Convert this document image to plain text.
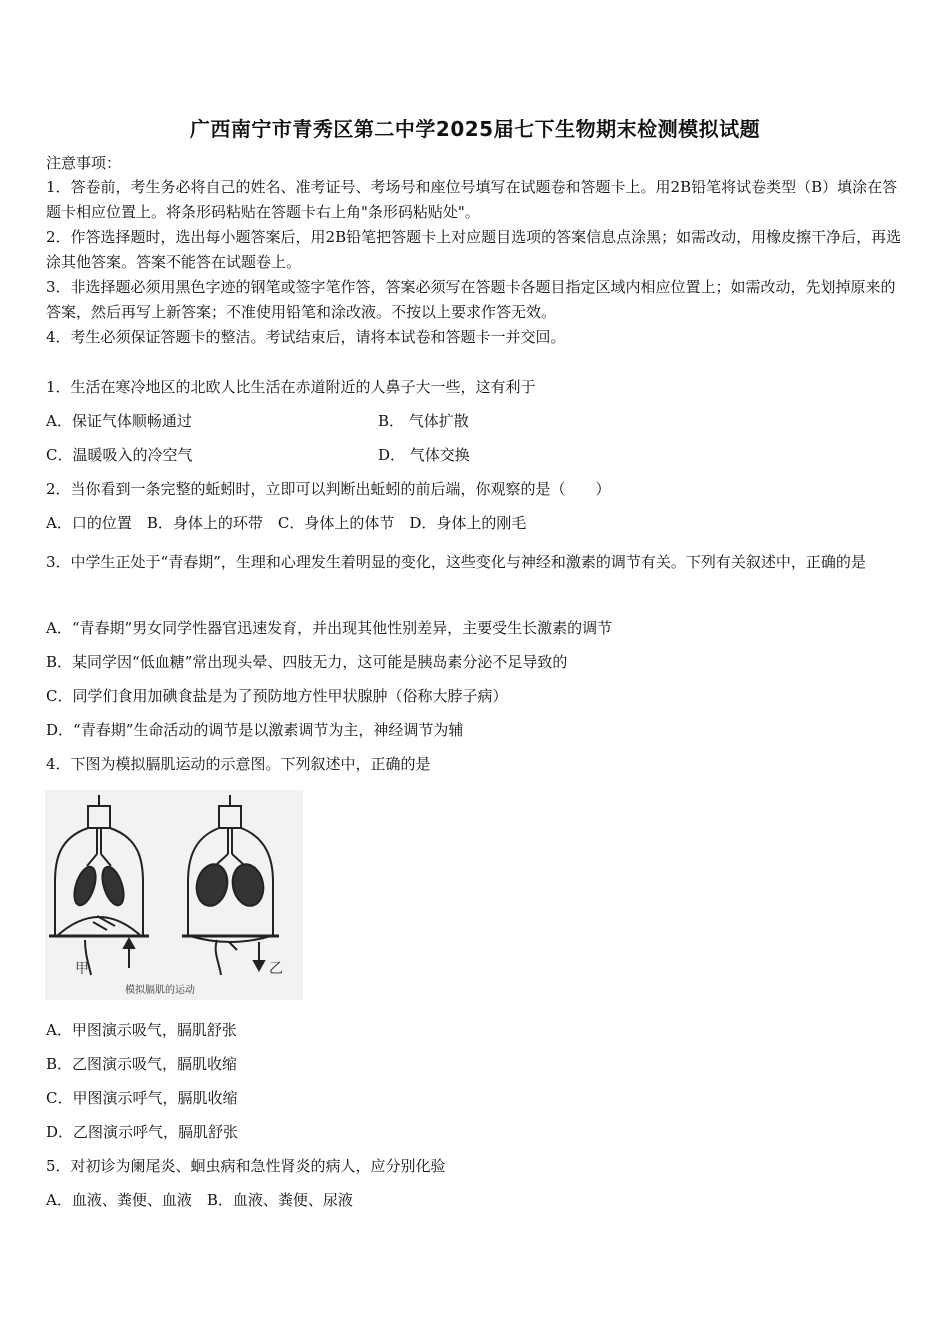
广西南宁市青秀区第二中学2025届七下生物期末检测模拟试题
注意事项：
1．答卷前，考生务必将自己的姓名、准考证号、考场号和座位号填写在试题卷和答题卡上。用2B铅笔将试卷类型（B）填涂在答题卡相应位置上。将条形码粘贴在答题卡右上角"条形码粘贴处"。
2．作答选择题时，选出每小题答案后，用2B铅笔把答题卡上对应题目选项的答案信息点涂黑；如需改动，用橡皮擦干净后，再选涂其他答案。答案不能答在试题卷上。
3．非选择题必须用黑色字迹的钢笔或签字笔作答，答案必须写在答题卡各题目指定区域内相应位置上；如需改动，先划掉原来的答案，然后再写上新答案；不准使用铅笔和涂改液。不按以上要求作答无效。
4．考生必须保证答题卡的整洁。考试结束后，请将本试卷和答题卡一并交回。
1．生活在寒冷地区的北欧人比生活在赤道附近的人鼻子大一些，这有利于
A．保证气体顺畅通过	B． 气体扩散
C．温暖吸入的冷空气	D． 气体交换
2．当你看到一条完整的蚯蚓时，立即可以判断出蚯蚓的前后端，你观察的是（　　）
A．口的位置　B．身体上的环带　C．身体上的体节　D．身体上的刚毛
3．中学生正处于“青春期”，生理和心理发生着明显的变化，这些变化与神经和激素的调节有关。下列有关叙述中，正确的是
A．“青春期”男女同学性器官迅速发育，并出现其他性别差异，主要受生长激素的调节
B．某同学因“低血糖”常出现头晕、四肢无力，这可能是胰岛素分泌不足导致的
C．同学们食用加碘食盐是为了预防地方性甲状腺肿（俗称大脖子病）
D．“青春期”生命活动的调节是以激素调节为主，神经调节为辅
4．下图为模拟膈肌运动的示意图。下列叙述中，正确的是
甲	乙
模拟膈肌的运动
A．甲图演示吸气，膈肌舒张
B．乙图演示吸气，膈肌收缩
C．甲图演示呼气，膈肌收缩
D．乙图演示呼气，膈肌舒张
5．对初诊为阑尾炎、蛔虫病和急性肾炎的病人，应分别化验
A．血液、粪便、血液　B．血液、粪便、尿液
